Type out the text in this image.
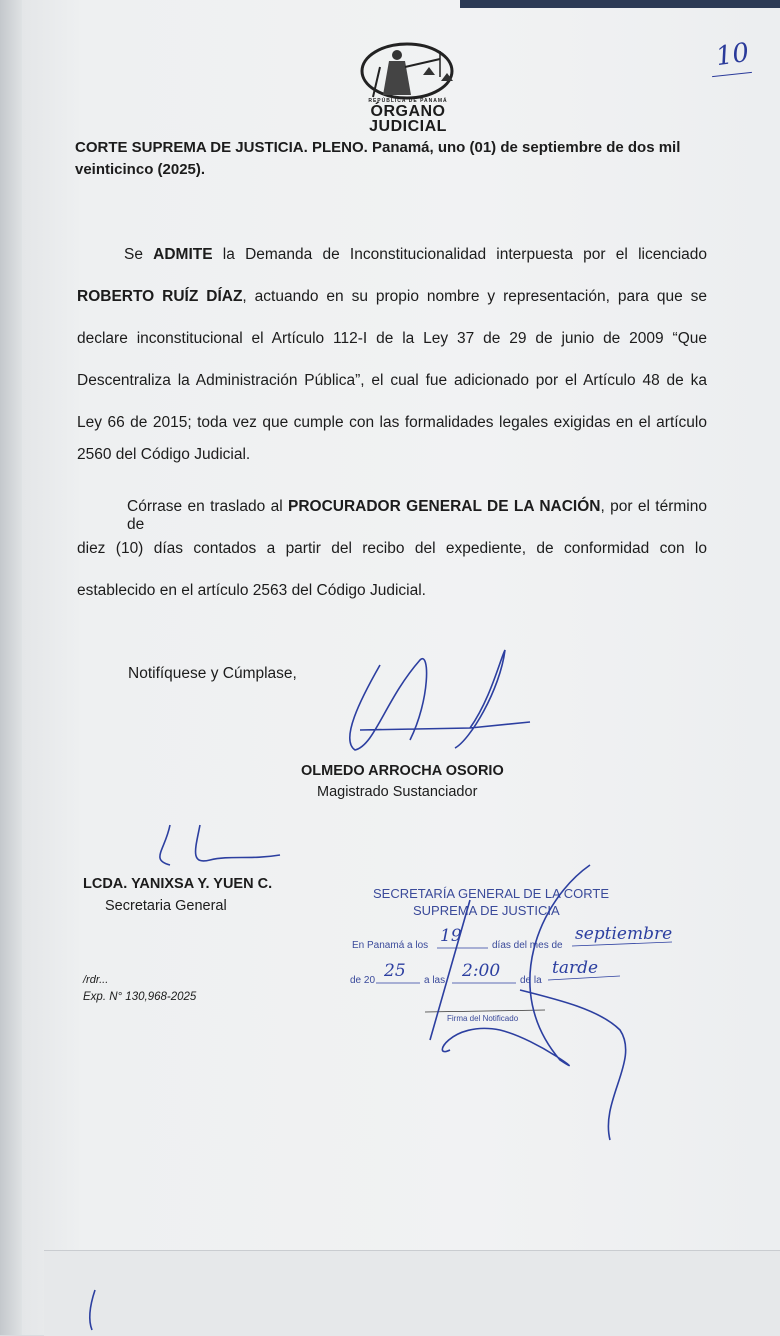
10
REPÚBLICA DE PANAMÁ
ÓRGANO
JUDICIAL
CORTE SUPREMA DE JUSTICIA. PLENO. Panamá, uno (01) de septiembre de dos mil
veinticinco (2025).
Se ADMITE la Demanda de Inconstitucionalidad interpuesta por el licenciado
ROBERTO RUÍZ DÍAZ, actuando en su propio nombre y representación, para que se
declare inconstitucional el Artículo 112-I de la Ley 37 de 29 de junio de 2009 “Que
Descentraliza la Administración Pública”, el cual fue adicionado por el Artículo 48 de ka
Ley 66 de 2015; toda vez que cumple con las formalidades legales exigidas en el artículo
2560 del Código Judicial.
Córrase en traslado al PROCURADOR GENERAL DE LA NACIÓN, por el término de
diez (10) días contados a partir del recibo del expediente, de conformidad con lo
establecido en el artículo 2563 del Código Judicial.
Notifíquese y Cúmplase,
OLMEDO ARROCHA OSORIO
Magistrado Sustanciador
LCDA. YANIXSA Y. YUEN C.
Secretaria General
/rdr...
Exp. N° 130,968-2025
SECRETARÍA GENERAL DE LA CORTE
SUPREMA DE JUSTICIA
En Panamá a los 19	días del mes de
septiembre
de 20 25 a las 2:00 de la
tarde
Firma del Notificado
